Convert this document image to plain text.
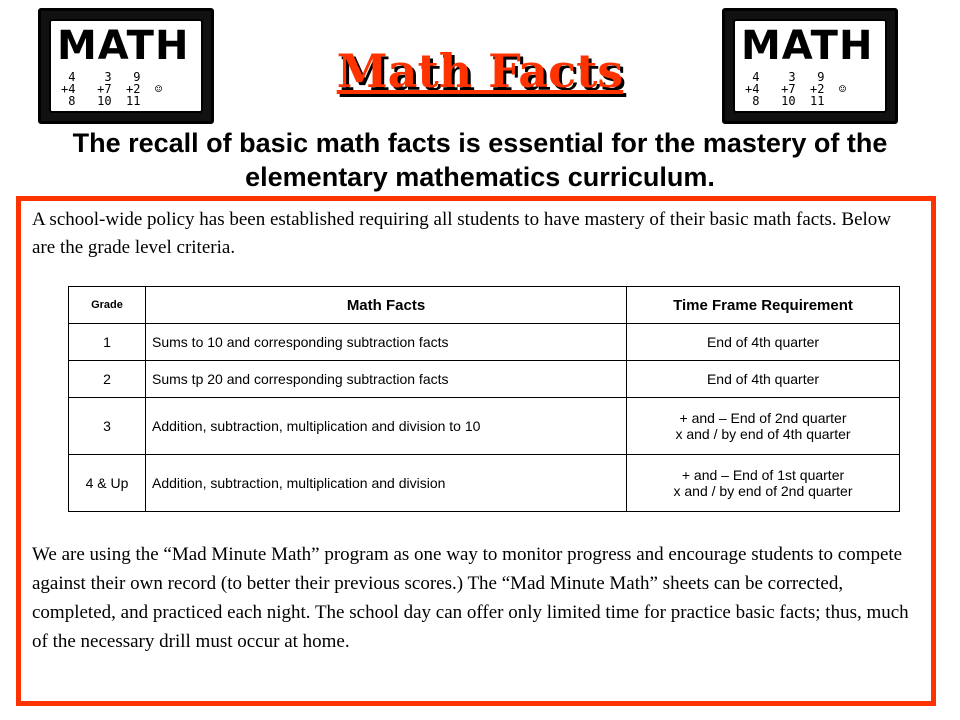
MATH
4    3   9
+4   +7  +2  ☺
8   10  11
MATH
4    3   9
+4   +7  +2  ☺
8   10  11
Math Facts
The recall of basic math facts is essential for the mastery of the elementary mathematics curriculum.
A school-wide policy has been established requiring all students to have mastery of their basic math facts. Below are the grade level criteria.
Grade	Math Facts	Time Frame Requirement
1	Sums to 10 and corresponding subtraction facts	End of 4th quarter
2	Sums tp 20 and corresponding subtraction facts	End of 4th quarter
3	Addition, subtraction, multiplication and division to 10	+ and – End of 2nd quarter
x and / by end of 4th quarter

4 & Up	Addition, subtraction, multiplication and division	+ and – End of 1st quarter
x and / by end of 2nd quarter
We are using the “Mad Minute Math” program as one way to monitor progress and encourage students to compete against their own record (to better their previous scores.) The “Mad Minute Math” sheets can be corrected, completed, and practiced each night. The school day can offer only limited time for practice basic facts; thus, much of the necessary drill must occur at home.
